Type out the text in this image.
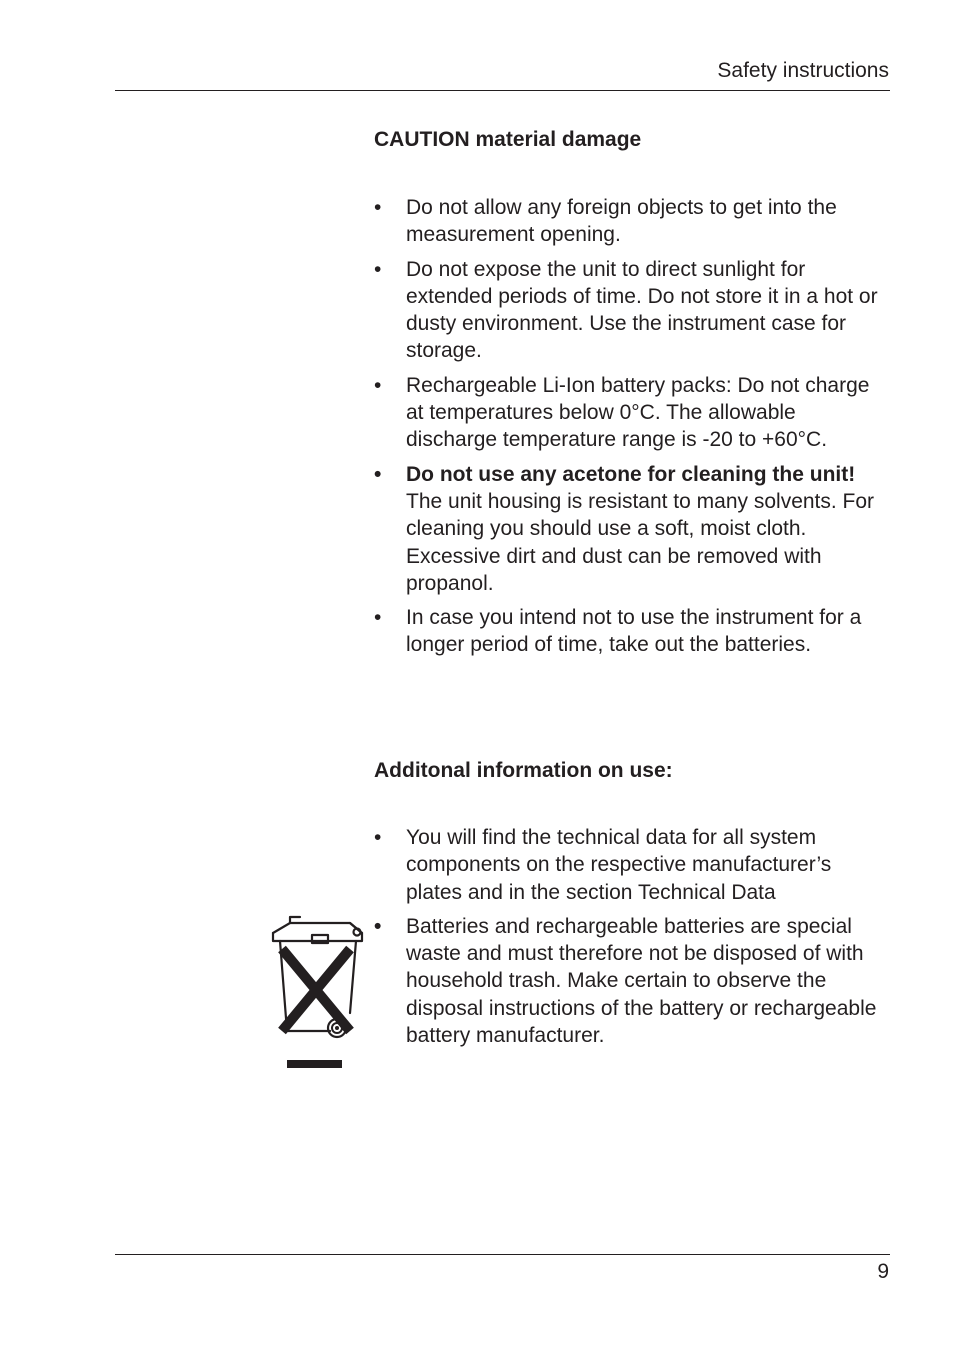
Safety instructions
CAUTION material damage
• Do not allow any foreign objects to get into the measurement opening.
• Do not expose the unit to direct sunlight for extended periods of time. Do not store it in a hot or dusty environment. Use the instrument case for storage.
• Rechargeable Li-Ion battery packs: Do not charge at temperatures below 0°C. The allowable discharge temperature range is -20 to +60°C.
• Do not use any acetone for cleaning the unit! The unit housing is resistant to many solvents. For cleaning you should use a soft, moist cloth. Excessive dirt and dust can be removed with propanol.
• In case you intend not to use the instrument for a longer period of time, take out the batteries.
Additonal information on use:
• You will find the technical data for all system components on the respective manufacturer’s plates and in the section Technical Data
• Batteries and rechargeable batteries are special waste and must therefore not be disposed of with household trash. Make certain to observe the disposal instructions of the battery or rechargeable battery manufacturer.
9
